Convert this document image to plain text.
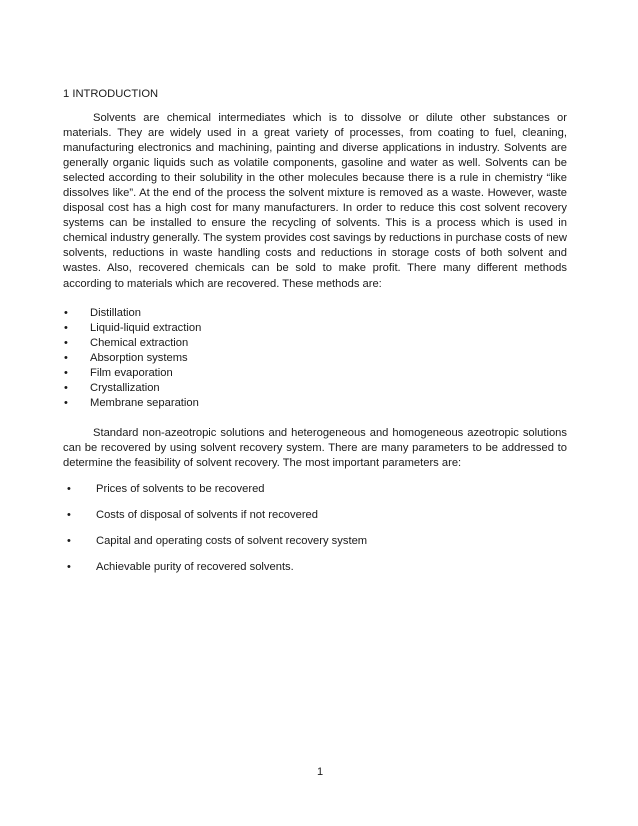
1 INTRODUCTION

Solvents are chemical intermediates which is to dissolve or dilute other substances or materials. They are widely used in a great variety of processes, from coating to fuel, cleaning, manufacturing electronics and machining, painting and diverse applications in industry. Solvents are generally organic liquids such as volatile components, gasoline and water as well. Solvents can be selected according to their solubility in the other molecules because there is a rule in chemistry “like dissolves like”. At the end of the process the solvent mixture is removed as a waste. However, waste disposal cost has a high cost for many manufacturers. In order to reduce this cost solvent recovery systems can be installed to ensure the recycling of solvents. This is a process which is used in chemical industry generally. The system provides cost savings by reductions in purchase costs of new solvents, reductions in waste handling costs and reductions in storage costs of both solvent and wastes. Also, recovered chemicals can be sold to make profit. There many different methods according to materials which are recovered. These methods are:

• Distillation
• Liquid-liquid extraction
• Chemical extraction
• Absorption systems
• Film evaporation
• Crystallization
• Membrane separation

Standard non-azeotropic solutions and heterogeneous and homogeneous azeotropic solutions can be recovered by using solvent recovery system. There are many parameters to be addressed to determine the feasibility of solvent recovery. The most important parameters are:

• Prices of solvents to be recovered
• Costs of disposal of solvents if not recovered
• Capital and operating costs of solvent recovery system
• Achievable purity of recovered solvents.
1
